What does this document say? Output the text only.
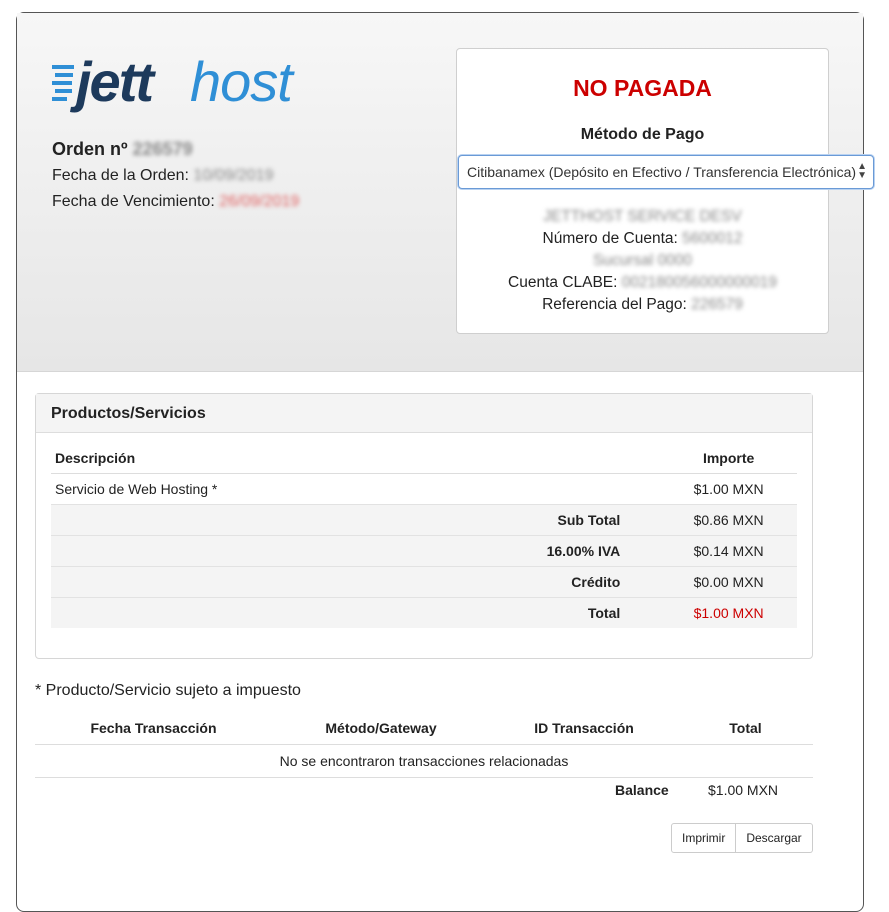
jett host
Orden nº 226579
Fecha de la Orden: 10/09/2019
Fecha de Vencimiento: 26/09/2019
NO PAGADA
Método de Pago
Citibanamex (Depósito en Efectivo / Transferencia Electrónica) ▲
▼
JETTHOST SERVICE DESV
Número de Cuenta: 5600012
Sucursal 0000
Cuenta CLABE: 002180056000000019
Referencia del Pago: 226579
Productos/Servicios
Descripción	Importe
Servicio de Web Hosting *	$1.00 MXN
Sub Total	$0.86 MXN
16.00% IVA	$0.14 MXN
Crédito	$0.00 MXN
Total	$1.00 MXN
* Producto/Servicio sujeto a impuesto
Fecha Transacción	Método/Gateway	ID Transacción	Total
No se encontraron transacciones relacionadas
Balance	$1.00 MXN
Imprimir	Descargar
